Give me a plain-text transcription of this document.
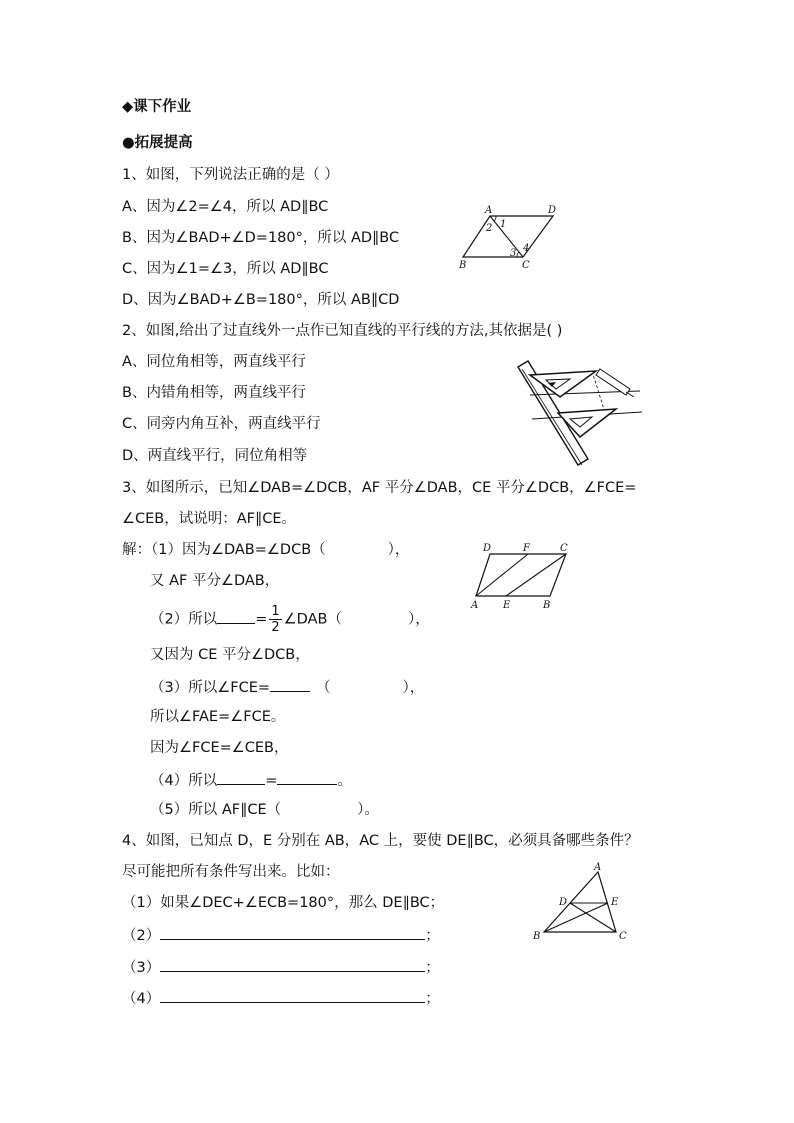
◆课下作业
●拓展提高
1、如图，下列说法正确的是（ ）
A、因为∠2=∠4，所以 AD∥BC
B、因为∠BAD+∠D=180°，所以 AD∥BC
C、因为∠1=∠3，所以 AD∥BC
D、因为∠BAD+∠B=180°，所以 AB∥CD
A	D
B	C
1
2
3 4
2、如图,给出了过直线外一点作已知直线的平行线的方法,其依据是( )
A、同位角相等，两直线平行
B、内错角相等，两直线平行
C、同旁内角互补，两直线平行
D、两直线平行，同位角相等
3、如图所示，已知∠DAB=∠DCB，AF 平分∠DAB，CE 平分∠DCB，∠FCE=
∠CEB，试说明：AF∥CE。
解：（1）因为∠DAB=∠DCB（	），
又 AF 平分∠DAB，
（2）所以	= $\frac{1}{2}$ ∠DAB（	），
又因为 CE 平分∠DCB，
（3）所以∠FCE=	（	），
所以∠FAE=∠FCE。
因为∠FCE=∠CEB，
（4）所以	=	。
（5）所以 AF∥CE（	）。
D	F	C
A E	B
4、如图，已知点 D，E 分别在 AB，AC 上，要使 DE∥BC，必须具备哪些条件？
尽可能把所有条件写出来。比如：
（1）如果∠DEC+∠ECB=180°，那么 DE∥BC；
（2）	；
（3）	；
（4）	；
A
D	E
B	C
